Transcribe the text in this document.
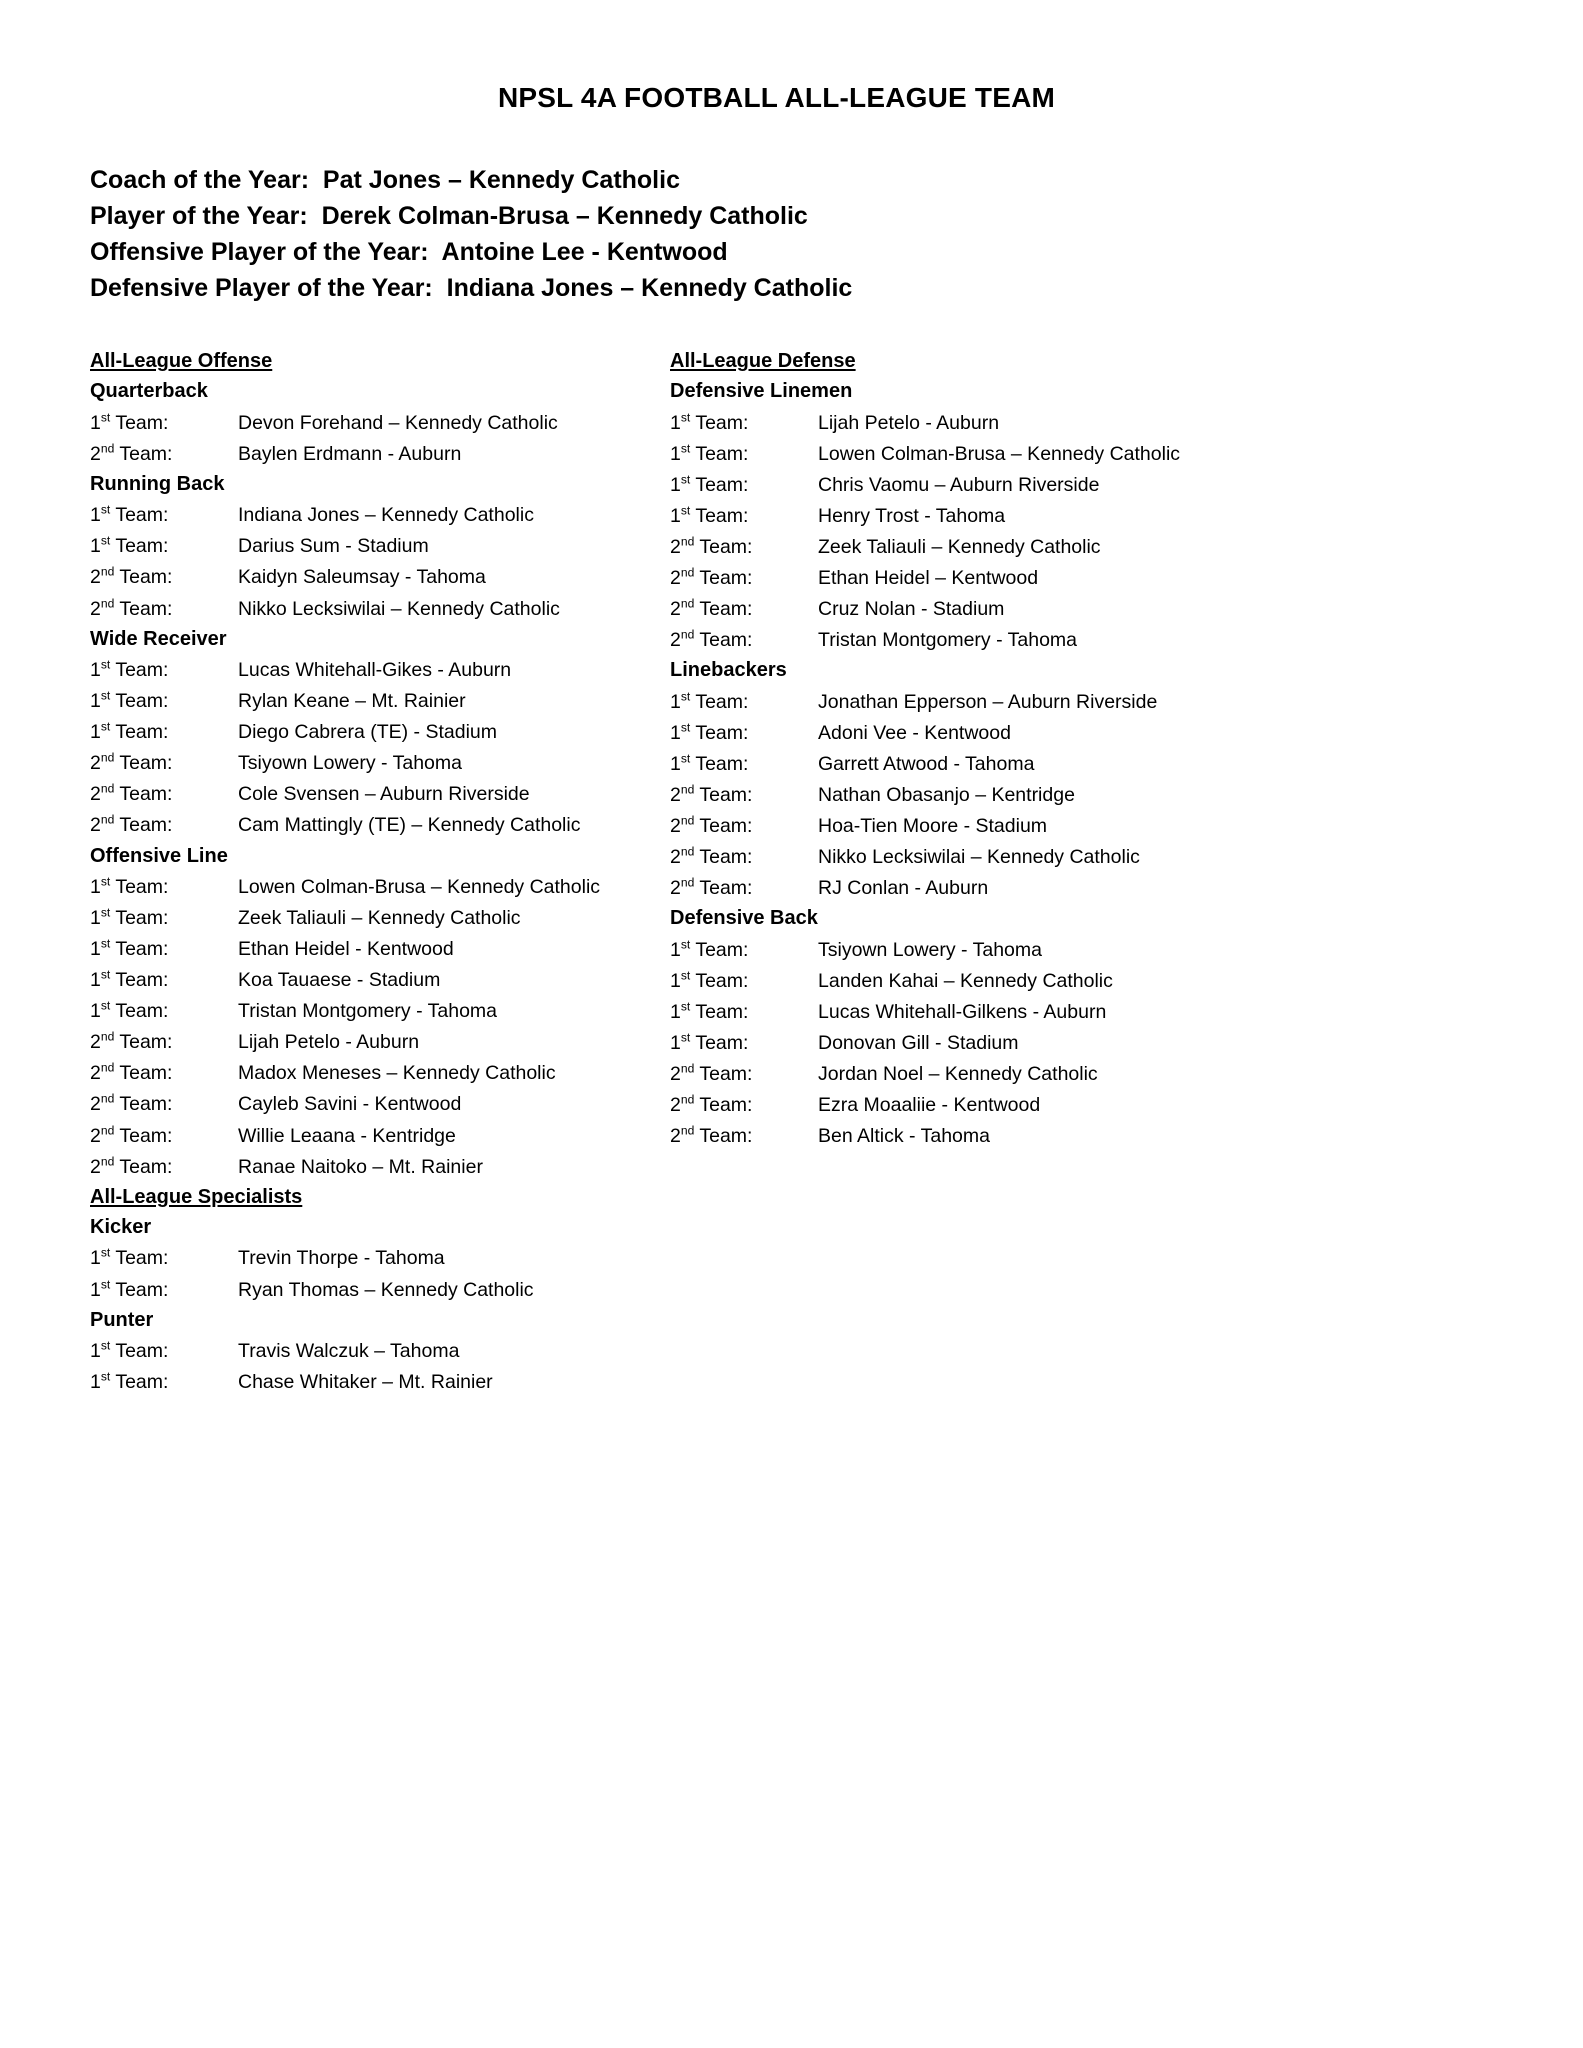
NPSL 4A FOOTBALL ALL-LEAGUE TEAM
Coach of the Year:  Pat Jones – Kennedy Catholic
Player of the Year:  Derek Colman-Brusa – Kennedy Catholic
Offensive Player of the Year:  Antoine Lee - Kentwood
Defensive Player of the Year:  Indiana Jones – Kennedy Catholic
All-League Offense
Quarterback
1st Team:	Devon Forehand – Kennedy Catholic
2nd Team:	Baylen Erdmann - Auburn
Running Back
1st Team:	Indiana Jones – Kennedy Catholic
1st Team:	Darius Sum - Stadium
2nd Team:	Kaidyn Saleumsay - Tahoma
2nd Team:	Nikko Lecksiwilai – Kennedy Catholic
Wide Receiver
1st Team:	Lucas Whitehall-Gikes - Auburn
1st Team:	Rylan Keane – Mt. Rainier
1st Team:	Diego Cabrera (TE) - Stadium
2nd Team:	Tsiyown Lowery - Tahoma
2nd Team:	Cole Svensen – Auburn Riverside
2nd Team:	Cam Mattingly (TE) – Kennedy Catholic
Offensive Line
1st Team:	Lowen Colman-Brusa – Kennedy Catholic
1st Team:	Zeek Taliauli – Kennedy Catholic
1st Team:	Ethan Heidel - Kentwood
1st Team:	Koa Tauaese - Stadium
1st Team:	Tristan Montgomery - Tahoma
2nd Team:	Lijah Petelo - Auburn
2nd Team:	Madox Meneses – Kennedy Catholic
2nd Team:	Cayleb Savini - Kentwood
2nd Team:	Willie Leaana - Kentridge
2nd Team:	Ranae Naitoko – Mt. Rainier
All-League Specialists
Kicker
1st Team:	Trevin Thorpe - Tahoma
1st Team:	Ryan Thomas – Kennedy Catholic
Punter
1st Team:	Travis Walczuk – Tahoma
1st Team:	Chase Whitaker – Mt. Rainier
All-League Defense
Defensive Linemen
1st Team:	Lijah Petelo - Auburn
1st Team:	Lowen Colman-Brusa – Kennedy Catholic
1st Team:	Chris Vaomu – Auburn Riverside
1st Team:	Henry Trost - Tahoma
2nd Team:	Zeek Taliauli – Kennedy Catholic
2nd Team:	Ethan Heidel – Kentwood
2nd Team:	Cruz Nolan - Stadium
2nd Team:	Tristan Montgomery - Tahoma
Linebackers
1st Team:	Jonathan Epperson – Auburn Riverside
1st Team:	Adoni Vee - Kentwood
1st Team:	Garrett Atwood - Tahoma
2nd Team:	Nathan Obasanjo – Kentridge
2nd Team:	Hoa-Tien Moore - Stadium
2nd Team:	Nikko Lecksiwilai – Kennedy Catholic
2nd Team:	RJ Conlan - Auburn
Defensive Back
1st Team:	Tsiyown Lowery - Tahoma
1st Team:	Landen Kahai – Kennedy Catholic
1st Team:	Lucas Whitehall-Gilkens - Auburn
1st Team:	Donovan Gill - Stadium
2nd Team:	Jordan Noel – Kennedy Catholic
2nd Team:	Ezra Moaaliie - Kentwood
2nd Team:	Ben Altick - Tahoma
